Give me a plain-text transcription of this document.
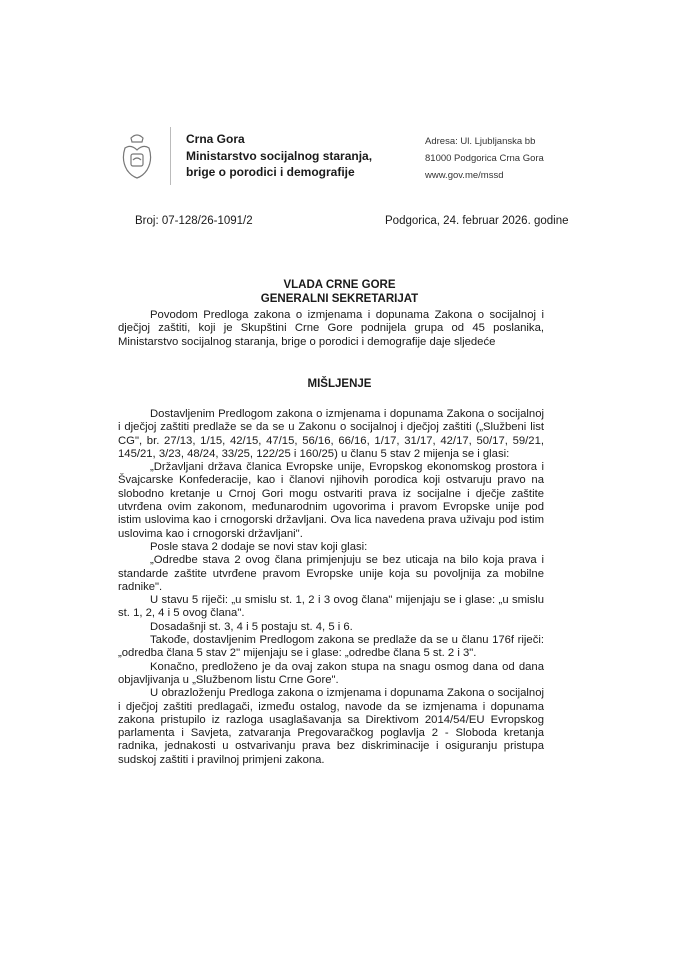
Crna Gora
Ministarstvo socijalnog staranja,
brige o porodici i demografije
Adresa: Ul. Ljubljanska bb
81000 Podgorica Crna Gora
www.gov.me/mssd
Broj: 07-128/26-1091/2	Podgorica, 24. februar 2026. godine
VLADA CRNE GORE
GENERALNI SEKRETARIJAT

Povodom Predloga zakona o izmjenama i dopunama Zakona o socijalnoj i dječjoj zaštiti, koji je Skupštini Crne Gore podnijela grupa od 45 poslanika, Ministarstvo socijalnog staranja, brige o porodici i demografije daje sljedeće

MIŠLJENJE

Dostavljenim Predlogom zakona o izmjenama i dopunama Zakona o socijalnoj i dječjoj zaštiti predlaže se da se u Zakonu o socijalnoj i dječjoj zaštiti („Službeni list CG", br. 27/13, 1/15, 42/15, 47/15, 56/16, 66/16, 1/17, 31/17, 42/17, 50/17, 59/21, 145/21, 3/23, 48/24, 33/25, 122/25 i 160/25) u članu 5 stav 2 mijenja se i glasi:

„Državljani država članica Evropske unije, Evropskog ekonomskog prostora i Švajcarske Konfederacije, kao i članovi njihovih porodica koji ostvaruju pravo na slobodno kretanje u Crnoj Gori mogu ostvariti prava iz socijalne i dječje zaštite utvrđena ovim zakonom, međunarodnim ugovorima i pravom Evropske unije pod istim uslovima kao i crnogorski državljani. Ova lica navedena prava uživaju pod istim uslovima kao i crnogorski državljani".

Posle stava 2 dodaje se novi stav koji glasi:

„Odredbe stava 2 ovog člana primjenjuju se bez uticaja na bilo koja prava i standarde zaštite utvrđene pravom Evropske unije koja su povoljnija za mobilne radnike".

U stavu 5 riječi: „u smislu st. 1, 2 i 3 ovog člana" mijenjaju se i glase: „u smislu st. 1, 2, 4 i 5 ovog člana".

Dosadašnji st. 3, 4 i 5 postaju st. 4, 5 i 6.

Takođe, dostavljenim Predlogom zakona se predlaže da se u članu 176f riječi: „odredba člana 5 stav 2" mijenjaju se i glase: „odredbe člana 5 st. 2 i 3".

Konačno, predloženo je da ovaj zakon stupa na snagu osmog dana od dana objavljivanja u „Službenom listu Crne Gore".

U obrazloženju Predloga zakona o izmjenama i dopunama Zakona o socijalnoj i dječjoj zaštiti predlagači, između ostalog, navode da se izmjenama i dopunama zakona pristupilo iz razloga usaglašavanja sa Direktivom 2014/54/EU Evropskog parlamenta i Savjeta, zatvaranja Pregovaračkog poglavlja 2 - Sloboda kretanja radnika, jednakosti u ostvarivanju prava bez diskriminacije i osiguranju pristupa sudskoj zaštiti i pravilnoj primjeni zakona.
